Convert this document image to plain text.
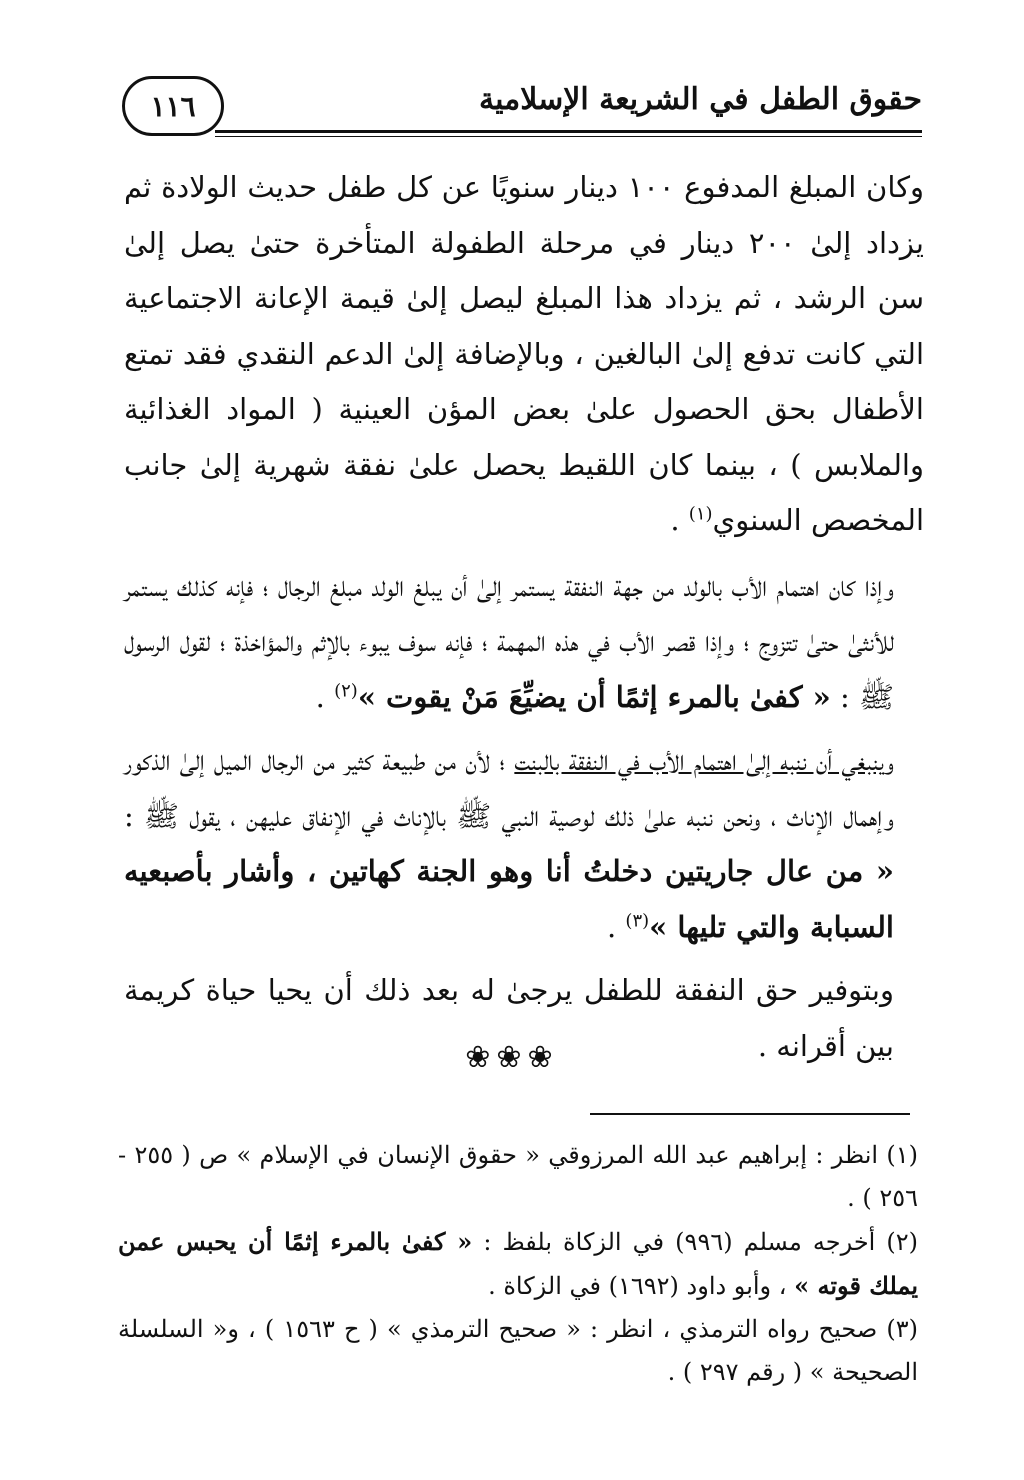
١١٦	حقوق الطفل في الشريعة الإسلامية

وكان المبلغ المدفوع ١٠٠ دينار سنويًا عن كل طفل حديث الولادة ثم يزداد إلىٰ ٢٠٠ دينار في مرحلة الطفولة المتأخرة حتىٰ يصل إلىٰ سن الرشد ، ثم يزداد هذا المبلغ ليصل إلىٰ قيمة الإعانة الاجتماعية التي كانت تدفع إلىٰ البالغين ، وبالإضافة إلىٰ الدعم النقدي فقد تمتع الأطفال بحق الحصول علىٰ بعض المؤن العينية ( المواد الغذائية والملابس ) ، بينما كان اللقيط يحصل علىٰ نفقة شهرية إلىٰ جانب المخصص السنوي$^{(١)}$ .

وإذا كان اهتمام الأب بالولد من جهة النفقة يستمر إلىٰ أن يبلغ الولد مبلغ الرجال ؛ فإنه كذلك يستمر للأنثىٰ حتىٰ تتزوج ؛ وإذا قصر الأب في هذه المهمة ؛ فإنه سوف يبوء بالإثم والمؤاخذة ؛ لقول الرسول ﷺ : « كفىٰ بالمرء إثمًا أن يضيِّعَ مَنْ يقوت »$^{(٢)}$ .

وينبغي أن ننبه إلىٰ اهتمام الأب في النفقة بالبنت ؛ لأن من طبيعة كثير من الرجال الميل إلىٰ الذكور وإهمال الإناث ، ونحن ننبه علىٰ ذلك لوصية النبي ﷺ بالإناث في الإنفاق عليهن ، يقول ﷺ : « من عال جاريتين دخلتُ أنا وهو الجنة كهاتين ، وأشار بأصبعيه السبابة والتي تليها »$^{(٣)}$ .

وبتوفير حق النفقة للطفل يرجىٰ له بعد ذلك أن يحيا حياة كريمة بين أقرانه .

❀❀❀

(١) انظر : إبراهيم عبد الله المرزوقي « حقوق الإنسان في الإسلام » ص ( ٢٥٥ - ٢٥٦ ) .

(٢) أخرجه مسلم (٩٩٦) في الزكاة بلفظ : « كفىٰ بالمرء إثمًا أن يحبس عمن يملك قوته » ، وأبو داود (١٦٩٢) في الزكاة .

(٣) صحيح رواه الترمذي ، انظر : « صحيح الترمذي » ( ح ١٥٦٣ ) ، و« السلسلة الصحيحة » ( رقم ٢٩٧ ) .
